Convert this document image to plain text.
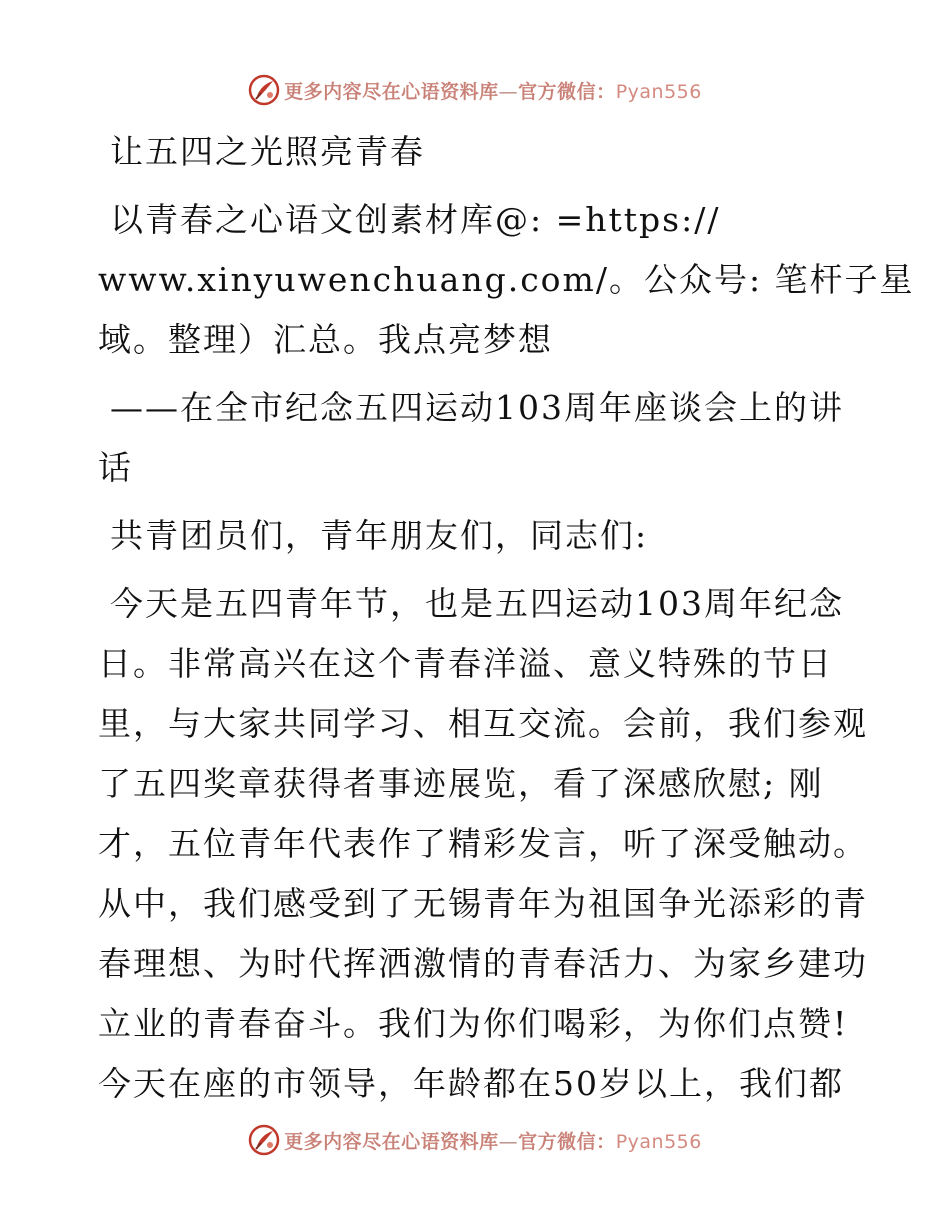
更多内容尽在心语资料库—官方微信：Pyan556

让五四之光照亮青春

以青春之心语文创素材库@: =https://

www.xinyuwenchuang.com/。公众号: 笔杆子星

域。整理）汇总。我点亮梦想

——在全市纪念五四运动103周年座谈会上的讲

话

共青团员们，青年朋友们，同志们:

今天是五四青年节，也是五四运动103周年纪念

日。非常高兴在这个青春洋溢、意义特殊的节日

里，与大家共同学习、相互交流。会前，我们参观

了五四奖章获得者事迹展览，看了深感欣慰; 刚

才，五位青年代表作了精彩发言，听了深受触动。

从中，我们感受到了无锡青年为祖国争光添彩的青

春理想、为时代挥洒激情的青春活力、为家乡建功

立业的青春奋斗。我们为你们喝彩，为你们点赞!

今天在座的市领导，年龄都在50岁以上，我们都

更多内容尽在心语资料库—官方微信：Pyan556
